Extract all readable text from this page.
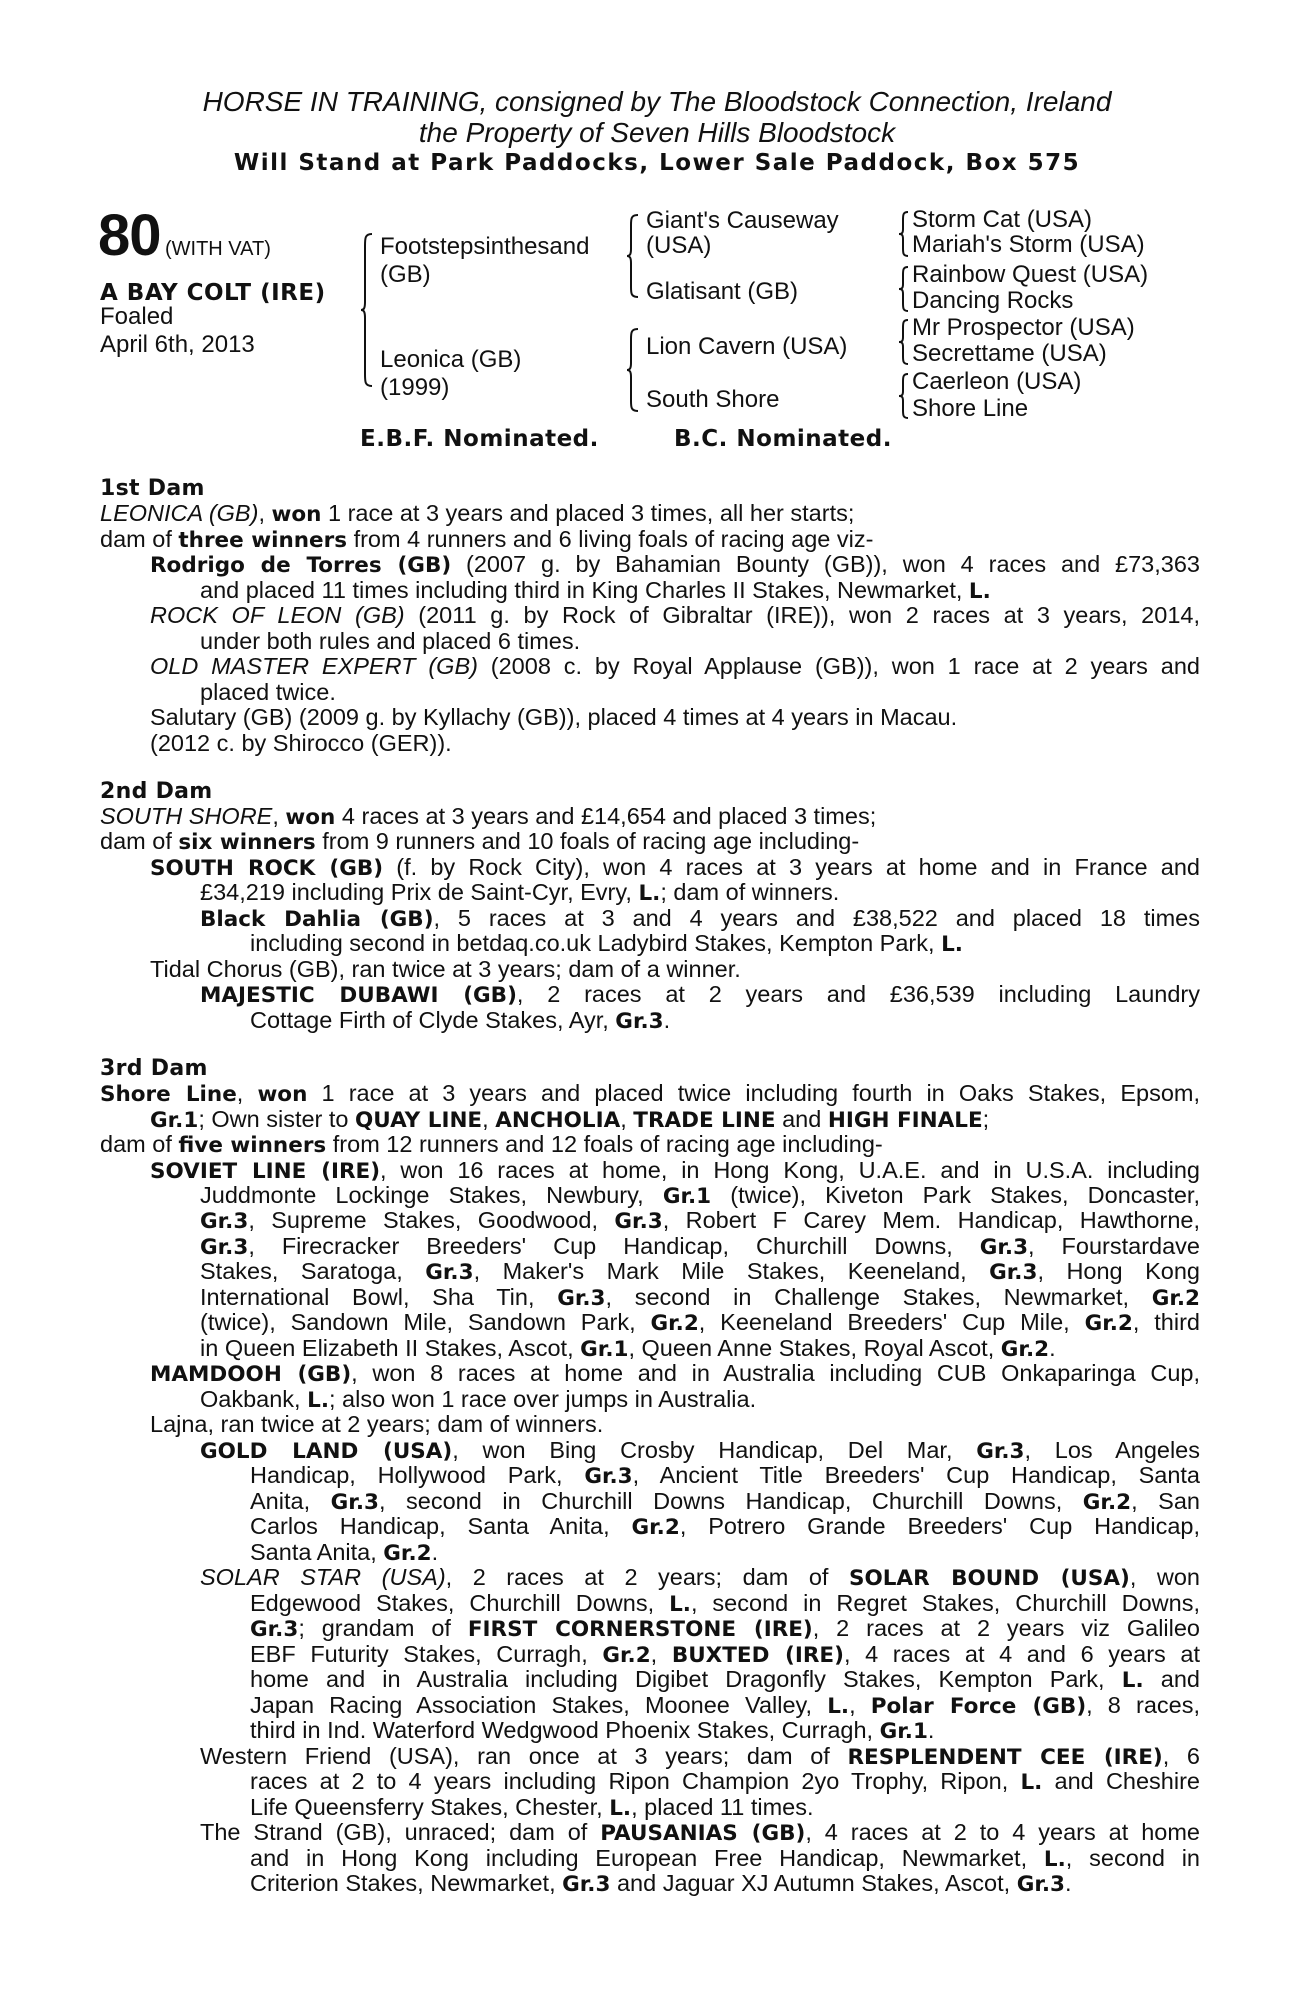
HORSE IN TRAINING, consigned by The Bloodstock Connection, Ireland
the Property of Seven Hills Bloodstock
Will Stand at Park Paddocks, Lower Sale Paddock, Box 575
80 (WITH VAT)
A BAY COLT (IRE)
Foaled
April 6th, 2013
Footstepsinthesand
(GB)
Leonica (GB)
(1999)
Giant's Causeway
(USA)
Glatisant (GB)
Lion Cavern (USA)
South Shore
Storm Cat (USA)
Mariah's Storm (USA)
Rainbow Quest (USA)
Dancing Rocks
Mr Prospector (USA)
Secrettame (USA)
Caerleon (USA)
Shore Line
E.B.F. Nominated.	B.C. Nominated.
1st Dam
LEONICA (GB), won 1 race at 3 years and placed 3 times, all her starts;
dam of three winners from 4 runners and 6 living foals of racing age viz-
Rodrigo de Torres (GB) (2007 g. by Bahamian Bounty (GB)), won 4 races and £73,363
and placed 11 times including third in King Charles II Stakes, Newmarket, L.
ROCK OF LEON (GB) (2011 g. by Rock of Gibraltar (IRE)), won 2 races at 3 years, 2014,
under both rules and placed 6 times.
OLD MASTER EXPERT (GB) (2008 c. by Royal Applause (GB)), won 1 race at 2 years and
placed twice.
Salutary (GB) (2009 g. by Kyllachy (GB)), placed 4 times at 4 years in Macau.
(2012 c. by Shirocco (GER)).
2nd Dam
SOUTH SHORE, won 4 races at 3 years and £14,654 and placed 3 times;
dam of six winners from 9 runners and 10 foals of racing age including-
SOUTH ROCK (GB) (f. by Rock City), won 4 races at 3 years at home and in France and
£34,219 including Prix de Saint-Cyr, Evry, L.; dam of winners.
Black Dahlia (GB), 5 races at 3 and 4 years and £38,522 and placed 18 times
including second in betdaq.co.uk Ladybird Stakes, Kempton Park, L.
Tidal Chorus (GB), ran twice at 3 years; dam of a winner.
MAJESTIC DUBAWI (GB), 2 races at 2 years and £36,539 including Laundry
Cottage Firth of Clyde Stakes, Ayr, Gr.3.
3rd Dam
Shore Line, won 1 race at 3 years and placed twice including fourth in Oaks Stakes, Epsom,
Gr.1; Own sister to QUAY LINE, ANCHOLIA, TRADE LINE and HIGH FINALE;
dam of five winners from 12 runners and 12 foals of racing age including-
SOVIET LINE (IRE), won 16 races at home, in Hong Kong, U.A.E. and in U.S.A. including
Juddmonte Lockinge Stakes, Newbury, Gr.1 (twice), Kiveton Park Stakes, Doncaster,
Gr.3, Supreme Stakes, Goodwood, Gr.3, Robert F Carey Mem. Handicap, Hawthorne,
Gr.3, Firecracker Breeders' Cup Handicap, Churchill Downs, Gr.3, Fourstardave
Stakes, Saratoga, Gr.3, Maker's Mark Mile Stakes, Keeneland, Gr.3, Hong Kong
International Bowl, Sha Tin, Gr.3, second in Challenge Stakes, Newmarket, Gr.2
(twice), Sandown Mile, Sandown Park, Gr.2, Keeneland Breeders' Cup Mile, Gr.2, third
in Queen Elizabeth II Stakes, Ascot, Gr.1, Queen Anne Stakes, Royal Ascot, Gr.2.
MAMDOOH (GB), won 8 races at home and in Australia including CUB Onkaparinga Cup,
Oakbank, L.; also won 1 race over jumps in Australia.
Lajna, ran twice at 2 years; dam of winners.
GOLD LAND (USA), won Bing Crosby Handicap, Del Mar, Gr.3, Los Angeles
Handicap, Hollywood Park, Gr.3, Ancient Title Breeders' Cup Handicap, Santa
Anita, Gr.3, second in Churchill Downs Handicap, Churchill Downs, Gr.2, San
Carlos Handicap, Santa Anita, Gr.2, Potrero Grande Breeders' Cup Handicap,
Santa Anita, Gr.2.
SOLAR STAR (USA), 2 races at 2 years; dam of SOLAR BOUND (USA), won
Edgewood Stakes, Churchill Downs, L., second in Regret Stakes, Churchill Downs,
Gr.3; grandam of FIRST CORNERSTONE (IRE), 2 races at 2 years viz Galileo
EBF Futurity Stakes, Curragh, Gr.2, BUXTED (IRE), 4 races at 4 and 6 years at
home and in Australia including Digibet Dragonfly Stakes, Kempton Park, L. and
Japan Racing Association Stakes, Moonee Valley, L., Polar Force (GB), 8 races,
third in Ind. Waterford Wedgwood Phoenix Stakes, Curragh, Gr.1.
Western Friend (USA), ran once at 3 years; dam of RESPLENDENT CEE (IRE), 6
races at 2 to 4 years including Ripon Champion 2yo Trophy, Ripon, L. and Cheshire
Life Queensferry Stakes, Chester, L., placed 11 times.
The Strand (GB), unraced; dam of PAUSANIAS (GB), 4 races at 2 to 4 years at home
and in Hong Kong including European Free Handicap, Newmarket, L., second in
Criterion Stakes, Newmarket, Gr.3 and Jaguar XJ Autumn Stakes, Ascot, Gr.3.
